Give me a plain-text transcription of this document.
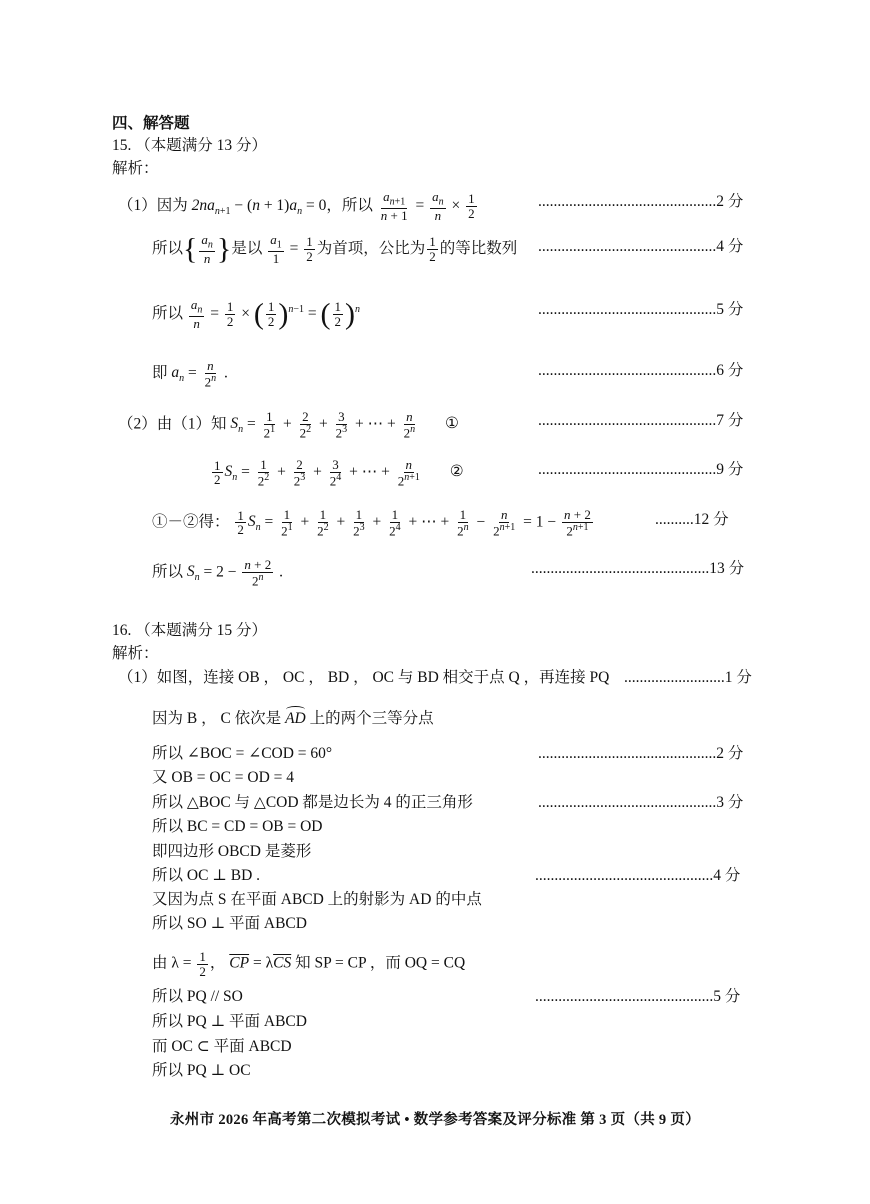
四、解答题
15. （本题满分 13 分）
解析：
（1）因为 $2na_{n+1} - (n + 1)a_n = 0$，所以 $\frac{a_{n+1}}{n + 1} = \frac{a_n}{n} \times \frac{1}{2}$	..............................................2 分
所以{ $\frac{a_n}{n}$ }是以 $\frac{a_1}{1} = \frac{1}{2}$ 为首项，公比为 $\frac{1}{2}$ 的等比数列 ..............................................4 分
所以 $\frac{a_n}{n} = \frac{1}{2}$ × ( $\frac{1}{2} )^{n-1}$ = ( $\frac{1}{2} )^n$	..............................................5 分
即 $a_n = \frac{n}{2^n}$ .	..............................................6 分
（2）由（1）知 $S_n = \frac{1}{2^1} + \frac{2}{2^2} + \frac{3}{2^3}$ + ⋯ + $\frac{n}{2^n}$ ①	..............................................7 分
$\frac{1}{2} S_n = \frac{1}{2^2} + \frac{2}{2^3} + \frac{3}{2^4}$ + ⋯ + $\frac{n}{2^{n+1}}$ ②	..............................................9 分
①－②得： $\frac{1}{2} S_n = \frac{1}{2^1} + \frac{1}{2^2} + \frac{1}{2^3} + \frac{1}{2^4}$ + ⋯ + $\frac{1}{2^n} - \frac{n}{2^{n+1}} = 1 - \frac{n + 2}{2^{n+1}}$	..........12 分
所以 $S_n = 2 - \frac{n + 2}{2^n}$ .	..............................................13 分
16. （本题满分 15 分）
解析：
（1）如图，连接 OB ， OC ， BD ， OC 与 BD 相交于点 Q ，再连接 PQ ..........................1 分
因为 B ， C 依次是 AD 上的两个三等分点
所以 ∠BOC = ∠COD = 60°	..............................................2 分
又 OB = OC = OD = 4
所以 △BOC 与 △COD 都是边长为 4 的正三角形	..............................................3 分
所以 BC = CD = OB = OD
即四边形 OBCD 是菱形
所以 OC ⊥ BD .	..............................................4 分
又因为点 S 在平面 ABCD 上的射影为 AD 的中点
所以 SO ⊥ 平面 ABCD
由 $\lambda = \frac{1}{2}$ ， $\overline{CP} = \lambda\overline{CS}$ 知 SP = CP ，而 OQ = CQ
所以 PQ // SO	..............................................5 分
所以 PQ ⊥ 平面 ABCD
而 OC ⊂ 平面 ABCD
所以 PQ ⊥ OC
永州市 2026 年高考第二次模拟考试 • 数学参考答案及评分标准 第 3 页（共 9 页）
